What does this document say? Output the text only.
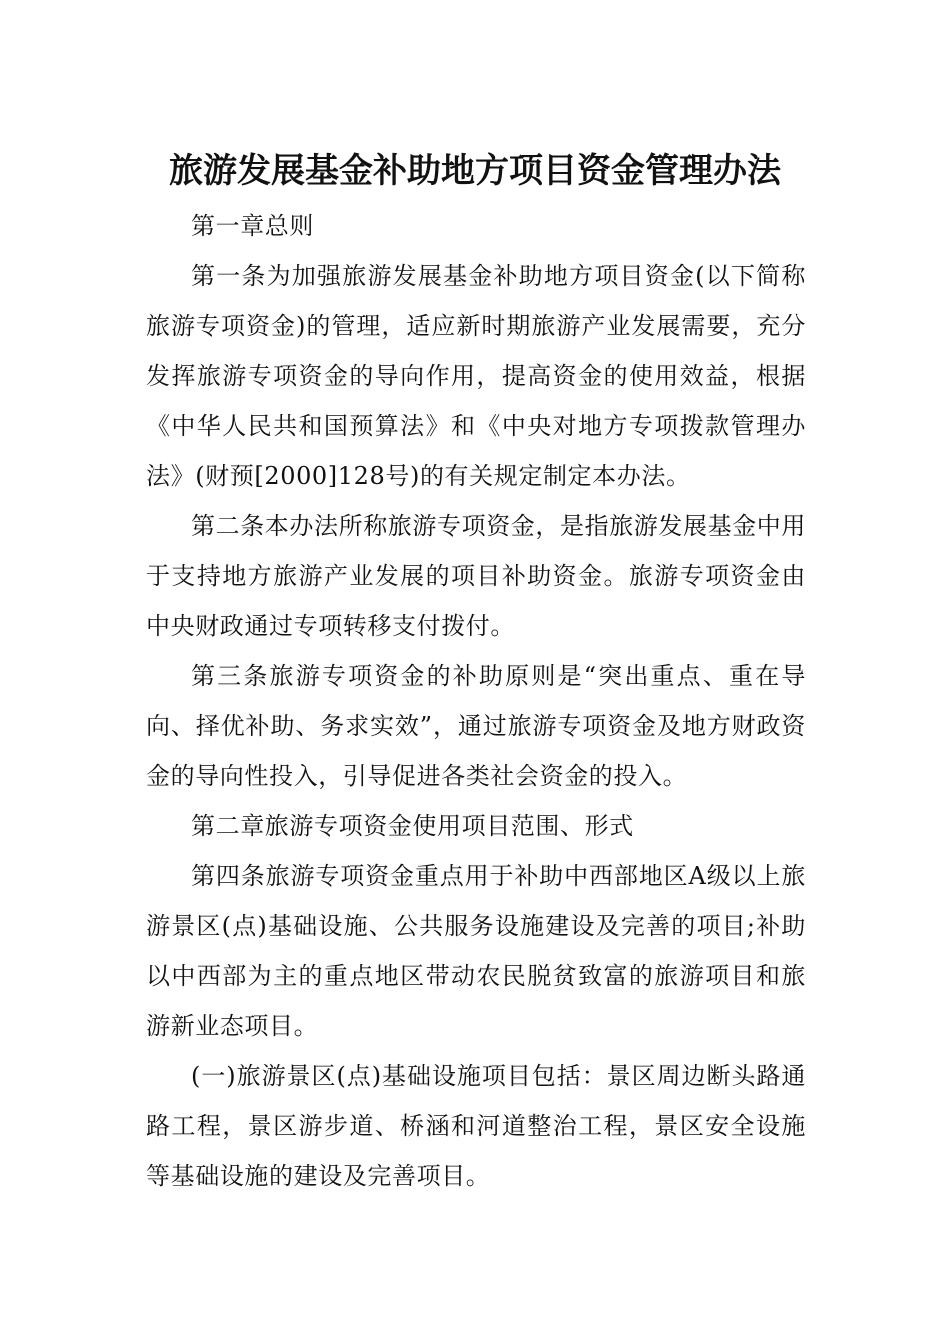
旅游发展基金补助地方项目资金管理办法

第一章总则

第一条为加强旅游发展基金补助地方项目资金(以下简称旅游专项资金)的管理，适应新时期旅游产业发展需要，充分发挥旅游专项资金的导向作用，提高资金的使用效益，根据《中华人民共和国预算法》和《中央对地方专项拨款管理办法》(财预[2000]128号)的有关规定制定本办法。

第二条本办法所称旅游专项资金，是指旅游发展基金中用于支持地方旅游产业发展的项目补助资金。旅游专项资金由中央财政通过专项转移支付拨付。

第三条旅游专项资金的补助原则是“突出重点、重在导向、择优补助、务求实效”，通过旅游专项资金及地方财政资金的导向性投入，引导促进各类社会资金的投入。

第二章旅游专项资金使用项目范围、形式

第四条旅游专项资金重点用于补助中西部地区A级以上旅游景区(点)基础设施、公共服务设施建设及完善的项目;补助以中西部为主的重点地区带动农民脱贫致富的旅游项目和旅游新业态项目。

(一)旅游景区(点)基础设施项目包括：景区周边断头路通路工程，景区游步道、桥涵和河道整治工程，景区安全设施等基础设施的建设及完善项目。
